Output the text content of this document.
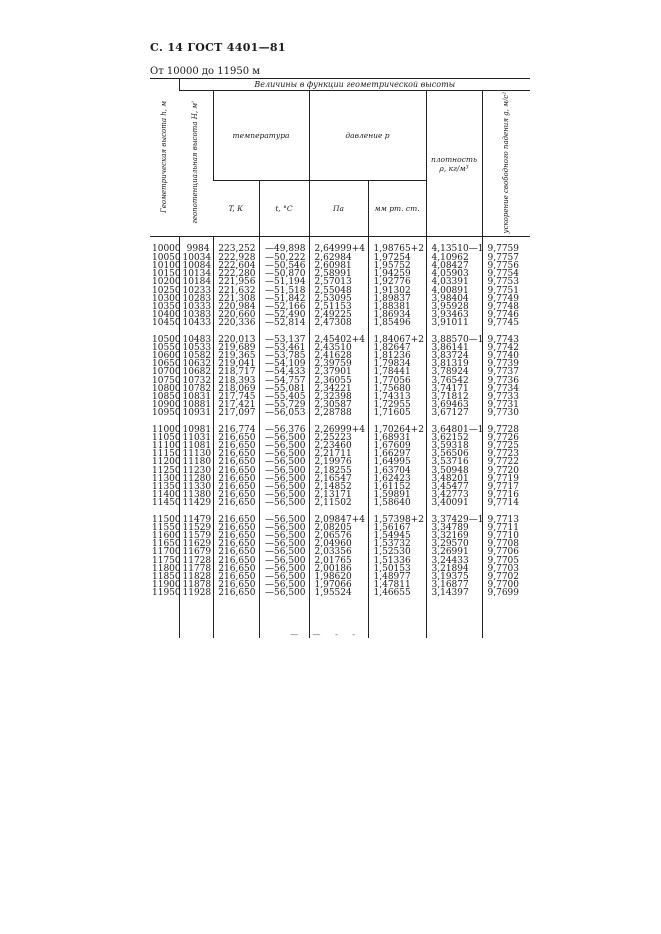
С. 14 ГОСТ 4401—81
От 10000 до 11950 м
Геометрическая высота h, м	Величины в функции геометрической высоты						
	геопотенциальная высота H, м'	температура		давление p		плотность ρ, кг/м³	ускорение свободного падения g, м/с²
		T, К	t, °C	Па	мм рт. ст.		

10000	9984	223,252	—49,898	2,64999+4	1,98765+2	4,13510—1	9,7759
10050	10034	222,928	—50,222	2,62984	1,97254	4,10962	9,7757
10100	10084	222,604	—50,546	2,60981	1,95752	4,08427	9,7756
10150	10134	222,280	—50,870	2,58991	1,94259	4,05903	9,7754
10200	10184	221,956	—51,194	2,57013	1,92776	4,03391	9,7753
10250	10233	221,632	—51,518	2,55048	1,91302	4,00891	9,7751
10300	10283	221,308	—51,842	2,53095	1,89837	3,98404	9,7749
10350	10333	220,984	—52,166	2,51153	1,88381	3,95928	9,7748
10400	10383	220,660	—52,490	2,49225	1,86934	3,93463	9,7746
10450	10433	220,336	—52,814	2,47308	1,85496	3,91011	9,7745

10500	10483	220,013	—53,137	2,45402+4	1,84067+2	3,88570—1	9,7743
10550	10533	219,689	—53,461	2,43510	1,82647	3,86141	9,7742
10600	10582	219,365	—53,785	2,41628	1,81236	3,83724	9,7740
10650	10632	219,041	—54,109	2,39759	1,79834	3,81319	9,7739
10700	10682	218,717	—54,433	2,37901	1,78441	3,78924	9,7737
10750	10732	218,393	—54,757	2,36055	1,77056	3,76542	9,7736
10800	10782	218,069	—55,081	2,34221	1,75680	3,74171	9,7734
10850	10831	217,745	—55,405	2,32398	1,74313	3,71812	9,7733
10900	10881	217,421	—55,729	2,30587	1,72955	3,69463	9,7731
10950	10931	217,097	—56,053	2,28788	1,71605	3,67127	9,7730

11000	10981	216,774	—56,376	2,26999+4	1,70264+2	3,64801—1	9,7728
11050	11031	216,650	—56,500	2,25223	1,68931	3,62152	9,7726
11100	11081	216,650	—56,500	2,23460	1,67609	3,59318	9,7725
11150	11130	216,650	—56,500	2,21711	1,66297	3,56506	9,7723
11200	11180	216,650	—56,500	2,19976	1,64995	3,53716	9,7722
11250	11230	216,650	—56,500	2,18255	1,63704	3,50948	9,7720
11300	11280	216,650	—56,500	2,16547	1,62423	3,48201	9,7719
11350	11330	216,650	—56,500	2,14852	1,61152	3,45477	9,7717
11400	11380	216,650	—56,500	2,13171	1,59891	3,42773	9,7716
11450	11429	216,650	—56,500	2,11502	1,58640	3,40091	9,7714

11500	11479	216,650	—56,500	2,09847+4	1,57398+2	3,37429—1	9,7713
11550	11529	216,650	—56,500	2,08205	1,56167	3,34789	9,7711
11600	11579	216,650	—56,500	2,06576	1,54945	3,32169	9,7710
11650	11629	216,650	—56,500	2,04960	1,53732	3,29570	9,7708
11700	11679	216,650	—56,500	2,03356	1,52530	3,26991	9,7706
11750	11728	216,650	—56,500	2,01765	1,51336	3,24433	9,7705
11800	11778	216,650	—56,500	2,00186	1,50153	3,21894	9,7703
11850	11828	216,650	—56,500	1,98620	1,48977	3,19375	9,7702
11900	11878	216,650	—56,500	1,97066	1,47811	3,16877	9,7700
11950	11928	216,650	—56,500	1,95524	1,46655	3,14397	9,7699

— — - -
